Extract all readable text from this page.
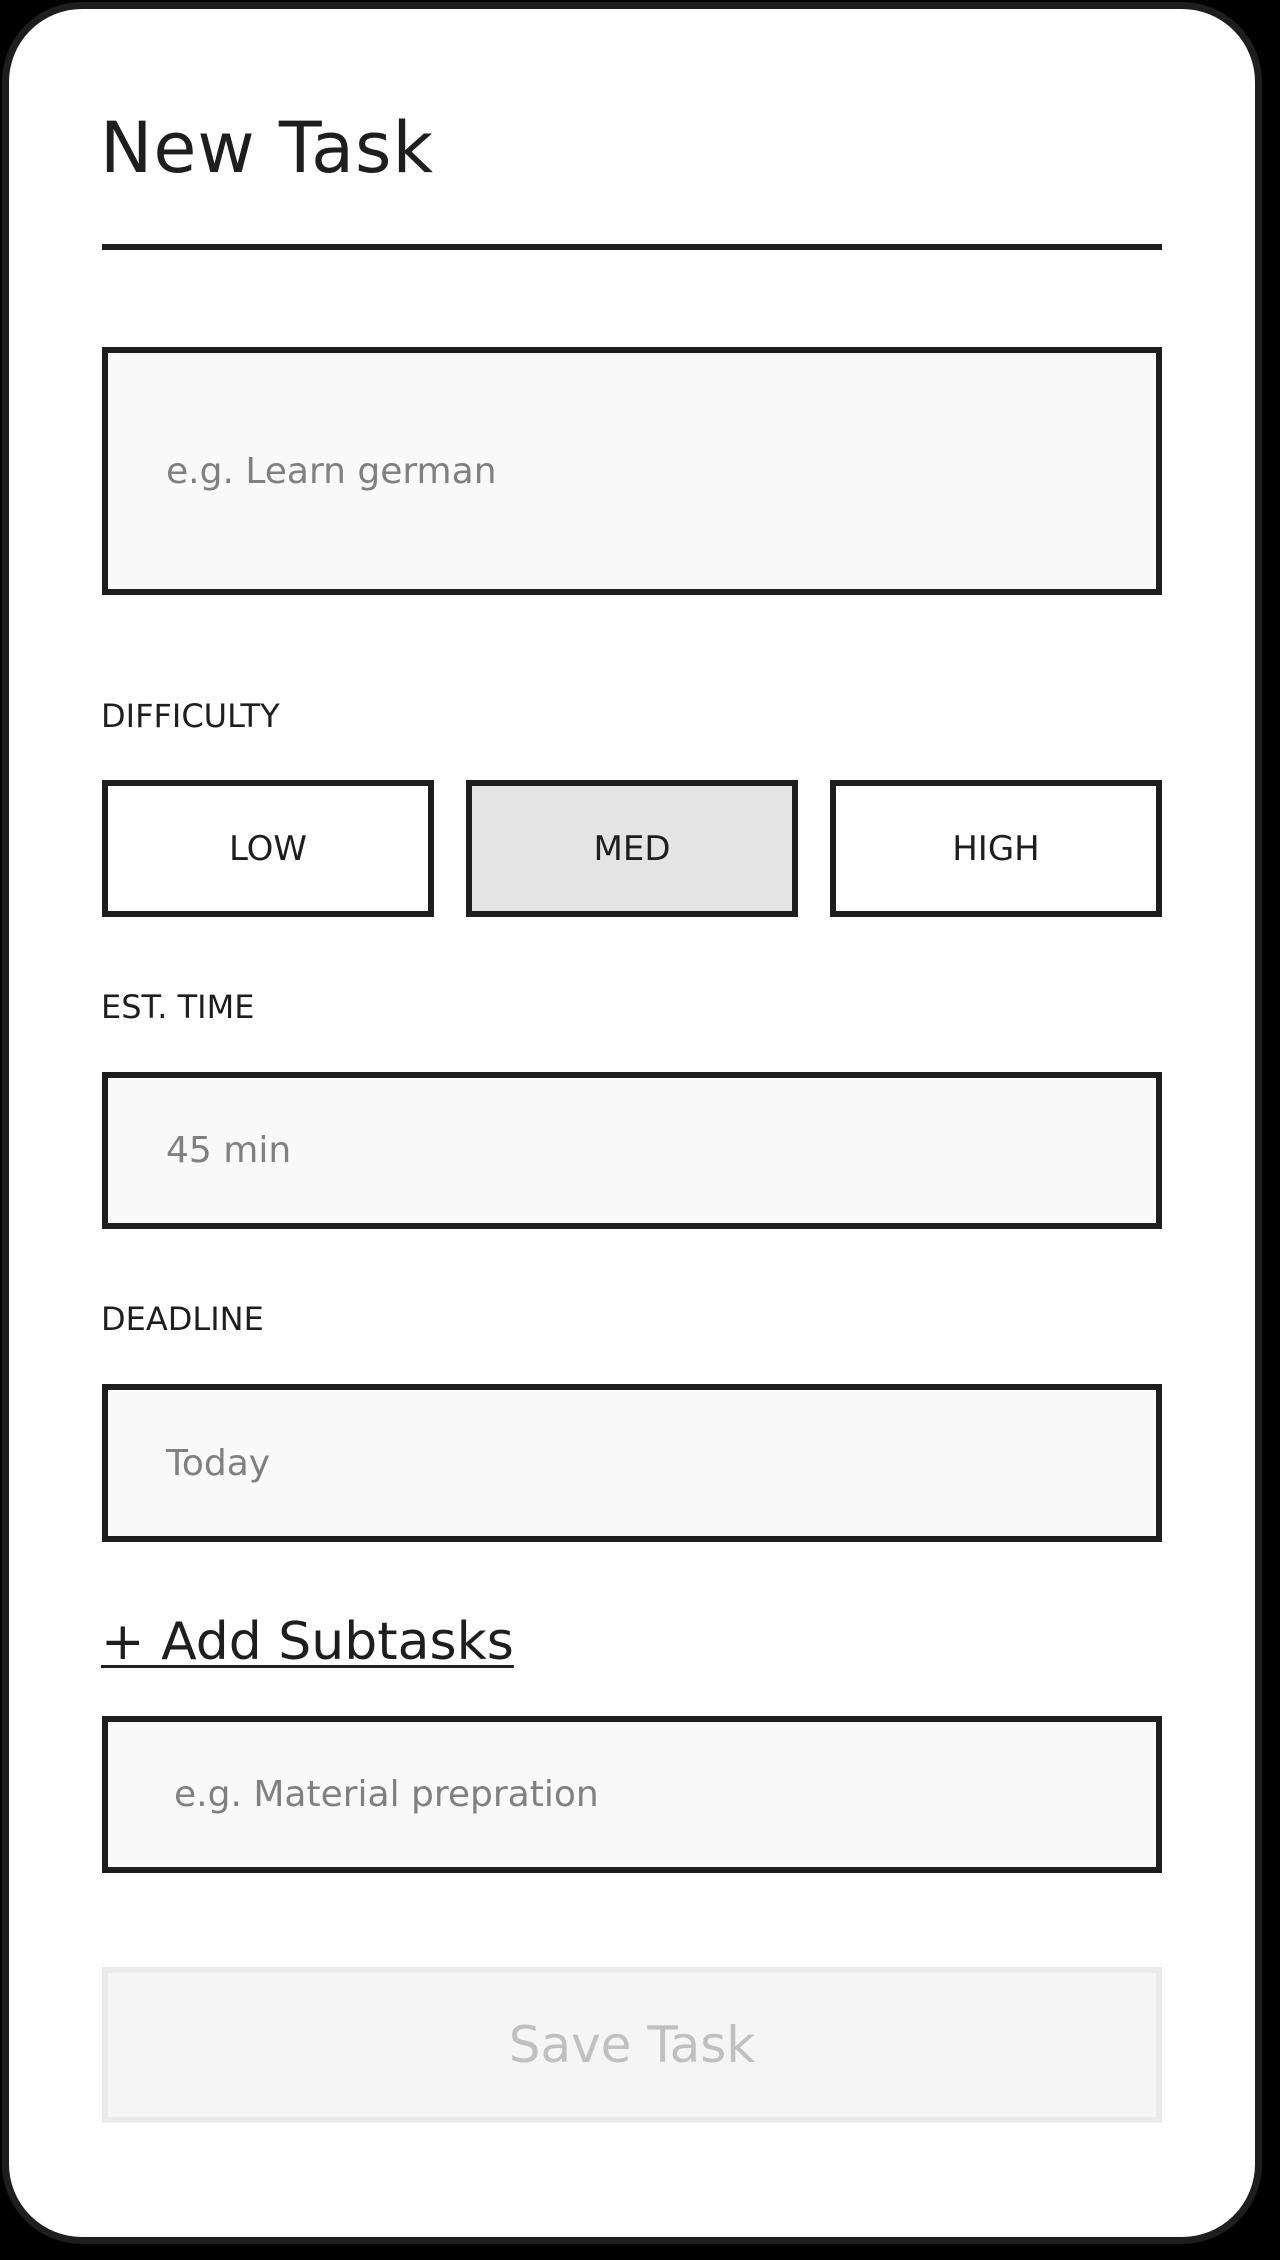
New Task
e.g. Learn german
DIFFICULTY
LOW	MED	HIGH
EST. TIME
45 min
DEADLINE
Today
+ Add Subtasks
e.g. Material prepration
Save Task
